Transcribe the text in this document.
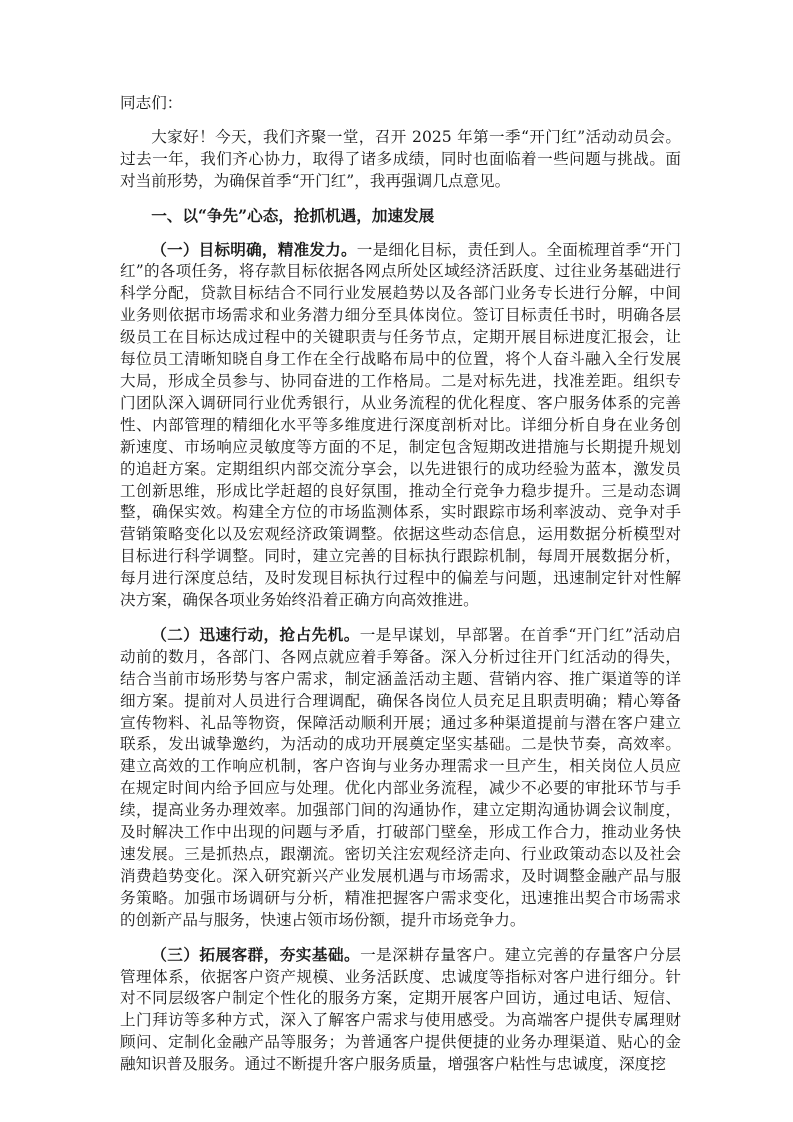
同志们：

大家好！今天，我们齐聚一堂，召开 2025 年第一季“开门红”活动动员会。过去一年，我们齐心协力，取得了诸多成绩，同时也面临着一些问题与挑战。面对当前形势，为确保首季“开门红”，我再强调几点意见。

一、以“争先”心态，抢抓机遇，加速发展

（一）目标明确，精准发力。一是细化目标，责任到人。全面梳理首季“开门红”的各项任务，将存款目标依据各网点所处区域经济活跃度、过往业务基础进行科学分配，贷款目标结合不同行业发展趋势以及各部门业务专长进行分解，中间业务则依据市场需求和业务潜力细分至具体岗位。签订目标责任书时，明确各层级员工在目标达成过程中的关键职责与任务节点，定期开展目标进度汇报会，让每位员工清晰知晓自身工作在全行战略布局中的位置，将个人奋斗融入全行发展大局，形成全员参与、协同奋进的工作格局。二是对标先进，找准差距。组织专门团队深入调研同行业优秀银行，从业务流程的优化程度、客户服务体系的完善性、内部管理的精细化水平等多维度进行深度剖析对比。详细分析自身在业务创新速度、市场响应灵敏度等方面的不足，制定包含短期改进措施与长期提升规划的追赶方案。定期组织内部交流分享会，以先进银行的成功经验为蓝本，激发员工创新思维，形成比学赶超的良好氛围，推动全行竞争力稳步提升。三是动态调整，确保实效。构建全方位的市场监测体系，实时跟踪市场利率波动、竞争对手营销策略变化以及宏观经济政策调整。依据这些动态信息，运用数据分析模型对目标进行科学调整。同时，建立完善的目标执行跟踪机制，每周开展数据分析，每月进行深度总结，及时发现目标执行过程中的偏差与问题，迅速制定针对性解决方案，确保各项业务始终沿着正确方向高效推进。

（二）迅速行动，抢占先机。一是早谋划，早部署。在首季“开门红”活动启动前的数月，各部门、各网点就应着手筹备。深入分析过往开门红活动的得失，结合当前市场形势与客户需求，制定涵盖活动主题、营销内容、推广渠道等的详细方案。提前对人员进行合理调配，确保各岗位人员充足且职责明确；精心筹备宣传物料、礼品等物资，保障活动顺利开展；通过多种渠道提前与潜在客户建立联系，发出诚挚邀约，为活动的成功开展奠定坚实基础。二是快节奏，高效率。建立高效的工作响应机制，客户咨询与业务办理需求一旦产生，相关岗位人员应在规定时间内给予回应与处理。优化内部业务流程，减少不必要的审批环节与手续，提高业务办理效率。加强部门间的沟通协作，建立定期沟通协调会议制度，及时解决工作中出现的问题与矛盾，打破部门壁垒，形成工作合力，推动业务快速发展。三是抓热点，跟潮流。密切关注宏观经济走向、行业政策动态以及社会消费趋势变化。深入研究新兴产业发展机遇与市场需求，及时调整金融产品与服务策略。加强市场调研与分析，精准把握客户需求变化，迅速推出契合市场需求的创新产品与服务，快速占领市场份额，提升市场竞争力。

（三）拓展客群，夯实基础。一是深耕存量客户。建立完善的存量客户分层管理体系，依据客户资产规模、业务活跃度、忠诚度等指标对客户进行细分。针对不同层级客户制定个性化的服务方案，定期开展客户回访，通过电话、短信、上门拜访等多种方式，深入了解客户需求与使用感受。为高端客户提供专属理财顾问、定制化金融产品等服务；为普通客户提供便捷的业务办理渠道、贴心的金融知识普及服务。通过不断提升客户服务质量，增强客户粘性与忠诚度，深度挖
